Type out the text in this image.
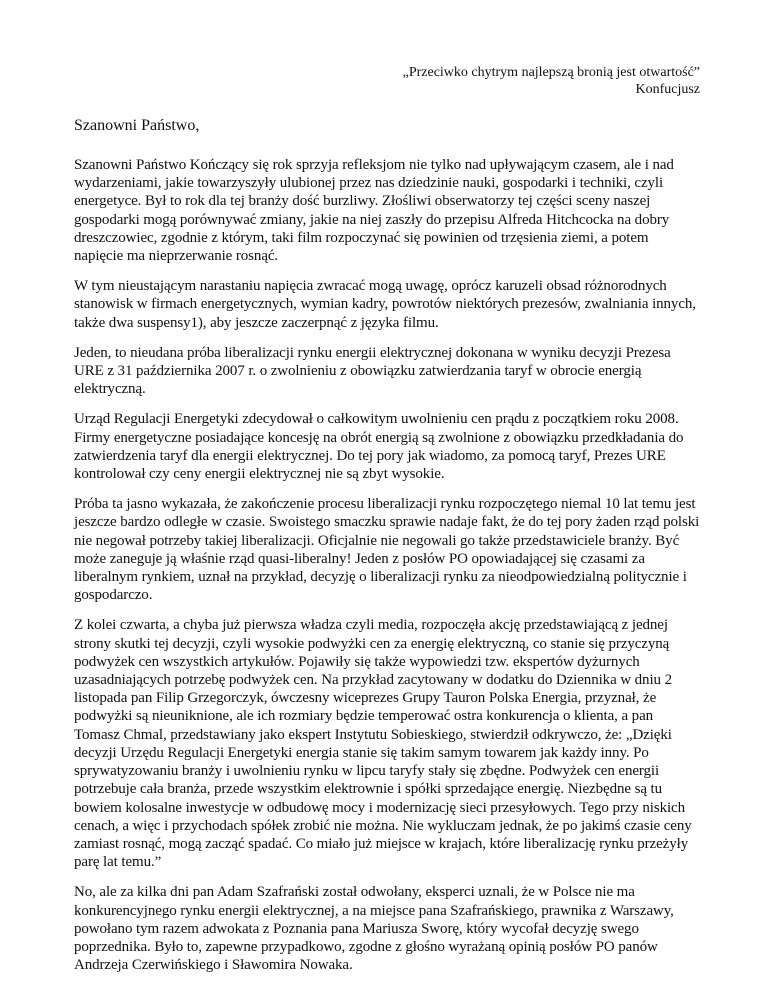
„Przeciwko chytrym najlepszą bronią jest otwartość”
Konfucjusz
Szanowni Państwo,

Szanowni Państwo Kończący się rok sprzyja refleksjom nie tylko nad upływającym czasem, ale i nad wydarzeniami, jakie towarzyszyły ulubionej przez nas dziedzinie nauki, gospodarki i techniki, czyli energetyce. Był to rok dla tej branży dość burzliwy. Złośliwi obserwatorzy tej części sceny naszej gospodarki mogą porównywać zmiany, jakie na niej zaszły do przepisu Alfreda Hitchcocka na dobry dreszczowiec, zgodnie z którym, taki film rozpoczynać się powinien od trzęsienia ziemi, a potem napięcie ma nieprzerwanie rosnąć.

W tym nieustającym narastaniu napięcia zwracać mogą uwagę, oprócz karuzeli obsad różnorodnych stanowisk w firmach energetycznych, wymian kadry, powrotów niektórych prezesów, zwalniania innych, także dwa suspensy1), aby jeszcze zaczerpnąć z języka filmu.

Jeden, to nieudana próba liberalizacji rynku energii elektrycznej dokonana w wyniku decyzji Prezesa URE z 31 października 2007 r. o zwolnieniu z obowiązku zatwierdzania taryf w obrocie energią elektryczną.

Urząd Regulacji Energetyki zdecydował o całkowitym uwolnieniu cen prądu z początkiem roku 2008. Firmy energetyczne posiadające koncesję na obrót energią są zwolnione z obowiązku przedkładania do zatwierdzenia taryf dla energii elektrycznej. Do tej pory jak wiadomo, za pomocą taryf, Prezes URE kontrolował czy ceny energii elektrycznej nie są zbyt wysokie.

Próba ta jasno wykazała, że zakończenie procesu liberalizacji rynku rozpoczętego niemal 10 lat temu jest jeszcze bardzo odległe w czasie. Swoistego smaczku sprawie nadaje fakt, że do tej pory żaden rząd polski nie negował potrzeby takiej liberalizacji. Oficjalnie nie negowali go także przedstawiciele branży. Być może zaneguje ją właśnie rząd quasi-liberalny! Jeden z posłów PO opowiadającej się czasami za liberalnym rynkiem, uznał na przykład, decyzję o liberalizacji rynku za nieodpowiedzialną politycznie i gospodarczo.

Z kolei czwarta, a chyba już pierwsza władza czyli media, rozpoczęła akcję przedstawiającą z jednej strony skutki tej decyzji, czyli wysokie podwyżki cen za energię elektryczną, co stanie się przyczyną podwyżek cen wszystkich artykułów. Pojawiły się także wypowiedzi tzw. ekspertów dyżurnych uzasadniających potrzebę podwyżek cen. Na przykład zacytowany w dodatku do Dziennika w dniu 2 listopada pan Filip Grzegorczyk, ówczesny wiceprezes Grupy Tauron Polska Energia, przyznał, że podwyżki są nieuniknione, ale ich rozmiary będzie temperować ostra konkurencja o klienta, a pan Tomasz Chmal, przedstawiany jako ekspert Instytutu Sobieskiego, stwierdził odkrywczo, że: „Dzięki decyzji Urzędu Regulacji Energetyki energia stanie się takim samym towarem jak każdy inny. Po sprywatyzowaniu branży i uwolnieniu rynku w lipcu taryfy stały się zbędne. Podwyżek cen energii potrzebuje cała branża, przede wszystkim elektrownie i spółki sprzedające energię. Niezbędne są tu bowiem kolosalne inwestycje w odbudowę mocy i modernizację sieci przesyłowych. Tego przy niskich cenach, a więc i przychodach spółek zrobić nie można. Nie wykluczam jednak, że po jakimś czasie ceny zamiast rosnąć, mogą zacząć spadać. Co miało już miejsce w krajach, które liberalizację rynku przeżyły parę lat temu.”

No, ale za kilka dni pan Adam Szafrański został odwołany, eksperci uznali, że w Polsce nie ma konkurencyjnego rynku energii elektrycznej, a na miejsce pana Szafrańskiego, prawnika z Warszawy, powołano tym razem adwokata z Poznania pana Mariusza Sworę, który wycofał decyzję swego poprzednika. Było to, zapewne przypadkowo, zgodne z głośno wyrażaną opinią posłów PO panów Andrzeja Czerwińskiego i Sławomira Nowaka.
